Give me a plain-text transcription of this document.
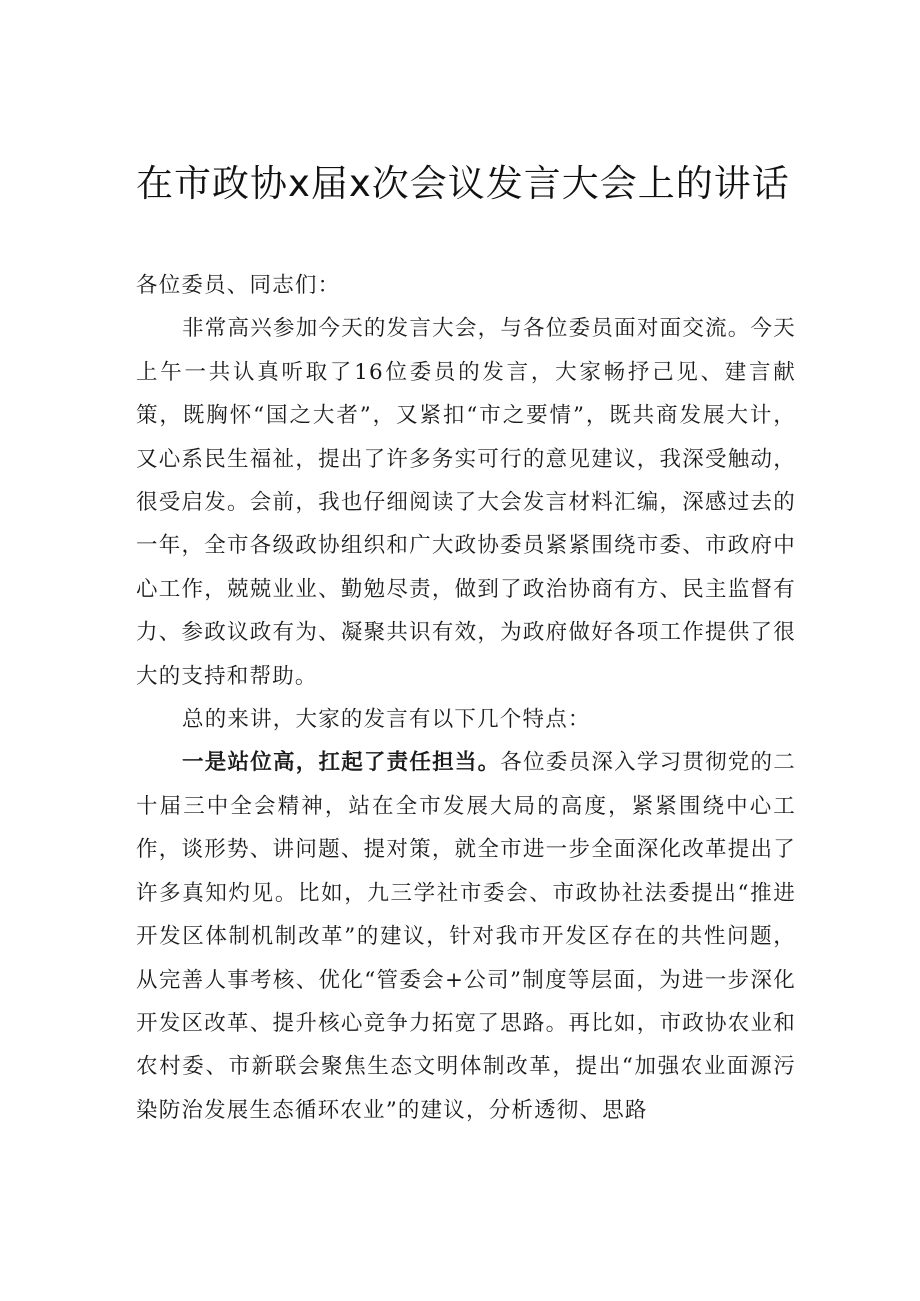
在市政协x届x次会议发言大会上的讲话

各位委员、同志们：

非常高兴参加今天的发言大会，与各位委员面对面交流。今天上午一共认真听取了16位委员的发言，大家畅抒己见、建言献策，既胸怀“国之大者”，又紧扣“市之要情”，既共商发展大计，又心系民生福祉，提出了许多务实可行的意见建议，我深受触动，很受启发。会前，我也仔细阅读了大会发言材料汇编，深感过去的一年，全市各级政协组织和广大政协委员紧紧围绕市委、市政府中心工作，兢兢业业、勤勉尽责，做到了政治协商有方、民主监督有力、参政议政有为、凝聚共识有效，为政府做好各项工作提供了很大的支持和帮助。

总的来讲，大家的发言有以下几个特点：

一是站位高，扛起了责任担当。各位委员深入学习贯彻党的二十届三中全会精神，站在全市发展大局的高度，紧紧围绕中心工作，谈形势、讲问题、提对策，就全市进一步全面深化改革提出了许多真知灼见。比如，九三学社市委会、市政协社法委提出“推进开发区体制机制改革”的建议，针对我市开发区存在的共性问题，从完善人事考核、优化“管委会+公司”制度等层面，为进一步深化开发区改革、提升核心竞争力拓宽了思路。再比如，市政协农业和农村委、市新联会聚焦生态文明体制改革，提出“加强农业面源污染防治发展生态循环农业”的建议，分析透彻、思路
